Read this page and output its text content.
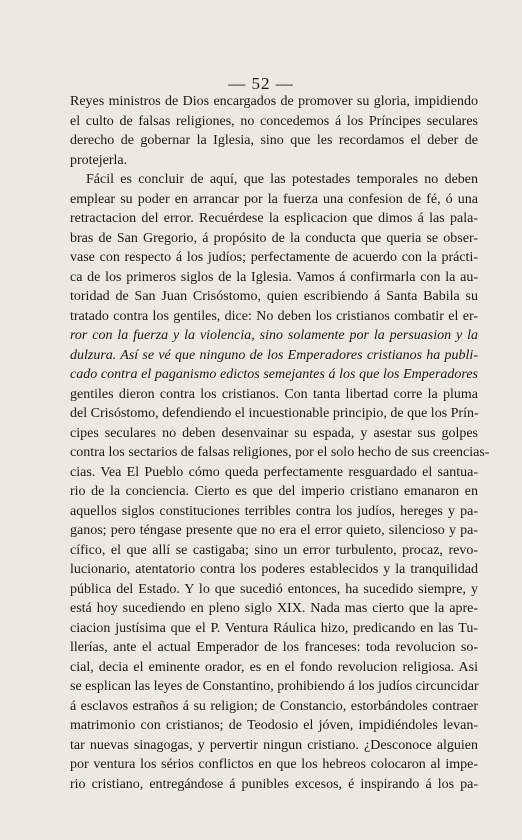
— 52 —
Reyes ministros de Dios encargados de promover su gloria, impidiendo
el culto de falsas religiones, no concedemos á los Príncipes seculares
derecho de gobernar la Iglesia, sino que les recordamos el deber de
protejerla.
Fácil es concluir de aquí, que las potestades temporales no deben
emplear su poder en arrancar por la fuerza una confesion de fé, ó una
retractacion del error. Recuérdese la esplicacion que dimos á las pala-
bras de San Gregorio, á propósito de la conducta que queria se obser-
vase con respecto á los judíos; perfectamente de acuerdo con la prácti-
ca de los primeros siglos de la Iglesia. Vamos á confirmarla con la au-
toridad de San Juan Crisóstomo, quien escribiendo á Santa Babila su
tratado contra los gentiles, dice: No deben los cristianos combatir el er-
ror con la fuerza y la violencia, sino solamente por la persuasion y la
dulzura. Así se vé que ninguno de los Emperadores cristianos ha publi-
cado contra el paganismo edictos semejantes á los que los Emperadores
gentiles dieron contra los cristianos. Con tanta libertad corre la pluma
del Crisóstomo, defendiendo el incuestionable principio, de que los Prín-
cipes seculares no deben desenvainar su espada, y asestar sus golpes
contra los sectarios de falsas religiones, por el solo hecho de sus creencias-
cias. Vea El Pueblo cómo queda perfectamente resguardado el santua-
rio de la conciencia. Cierto es que del imperio cristiano emanaron en
aquellos siglos constituciones terribles contra los judíos, hereges y pa-
ganos; pero téngase presente que no era el error quieto, silencioso y pa-
cífico, el que allí se castigaba; sino un error turbulento, procaz, revo-
lucionario, atentatorio contra los poderes establecidos y la tranquilidad
pública del Estado. Y lo que sucedió entonces, ha sucedido siempre, y
está hoy sucediendo en pleno siglo XIX. Nada mas cierto que la apre-
ciacion justísima que el P. Ventura Ráulica hizo, predicando en las Tu-
llerías, ante el actual Emperador de los franceses: toda revolucion so-
cial, decia el eminente orador, es en el fondo revolucion religiosa. Asi
se esplican las leyes de Constantino, prohibiendo á los judíos circuncidar
á esclavos estraños á su religion; de Constancio, estorbándoles contraer
matrimonio con cristianos; de Teodosio el jóven, impidiéndoles levan-
tar nuevas sinagogas, y pervertir ningun cristiano. ¿Desconoce alguien
por ventura los sérios conflictos en que los hebreos colocaron al impe-
rio cristiano, entregándose á punibles excesos, é inspirando á los pa-
